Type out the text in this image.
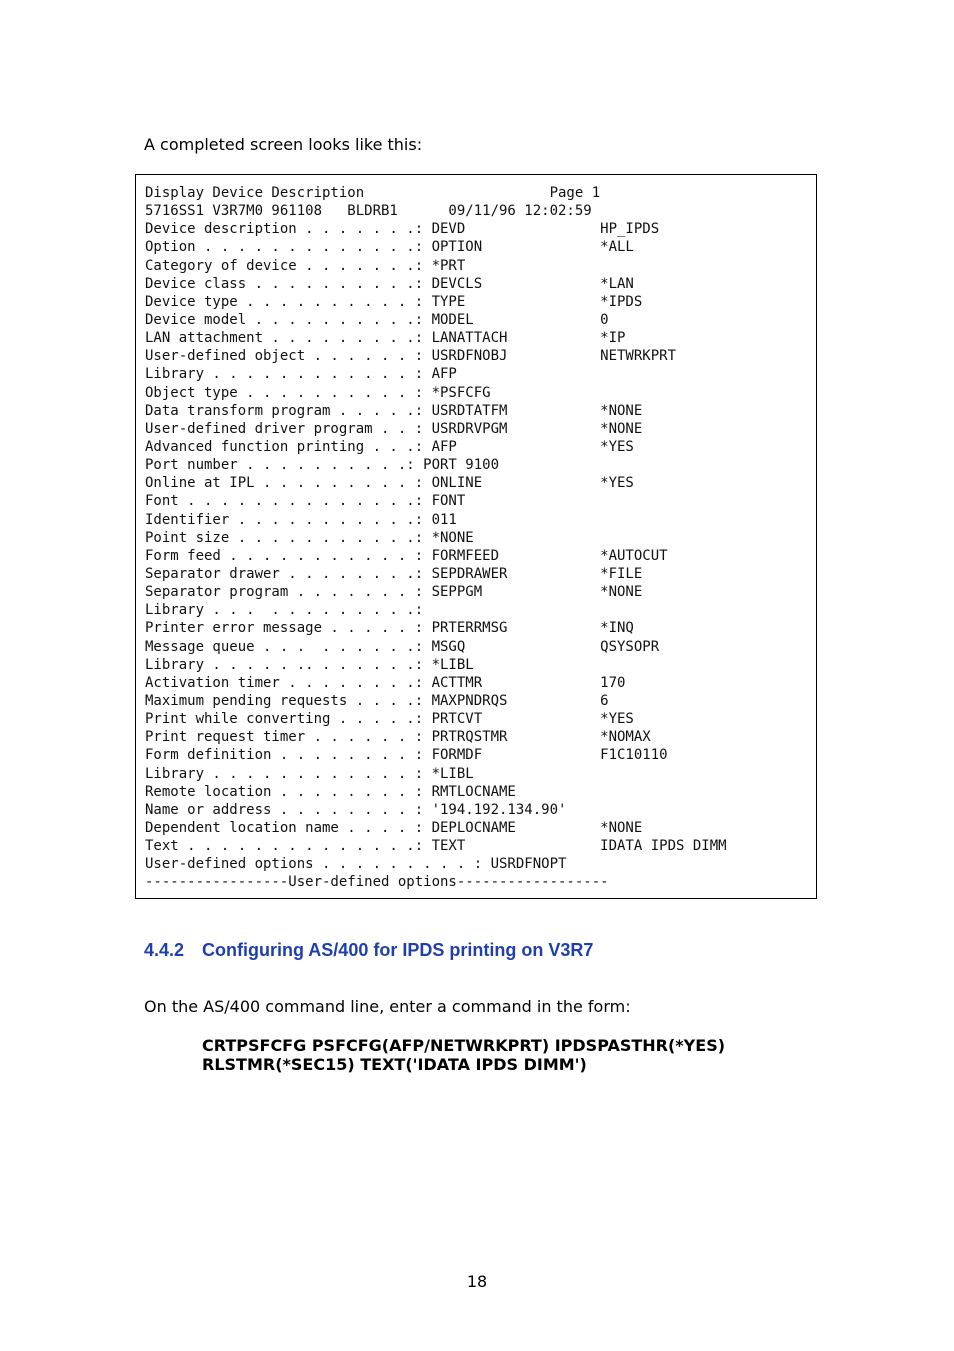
A completed screen looks like this:
Display Device Description                      Page 1
5716SS1 V3R7M0 961108   BLDRB1      09/11/96 12:02:59
Device description . . . . . . .: DEVD                HP_IPDS
Option . . . . . . . . . . . . .: OPTION              *ALL
Category of device . . . . . . .: *PRT
Device class . . . . . . . . . .: DEVCLS              *LAN
Device type . . . . . . . . . . : TYPE                *IPDS
Device model . . . . . . . . . .: MODEL               0
LAN attachment . . . . . . . . .: LANATTACH           *IP
User-defined object . . . . . . : USRDFNOBJ           NETWRKPRT
Library . . . . . . . . . . . . : AFP
Object type . . . . . . . . . . : *PSFCFG
Data transform program . . . . .: USRDTATFM           *NONE
User-defined driver program . . : USRDRVPGM           *NONE
Advanced function printing . . .: AFP                 *YES
Port number . . . . . . . . . .: PORT 9100
Online at IPL . . . . . . . . . : ONLINE              *YES
Font . . . . . . . . . . . . . .: FONT
Identifier . . . . . . . . . . .: 011
Point size . . . . . . . . . . .: *NONE
Form feed . . . . . . . . . . . : FORMFEED            *AUTOCUT
Separator drawer . . . . . . . .: SEPDRAWER           *FILE
Separator program . . . . . . . : SEPPGM              *NONE
Library . . .  . . . . . . . . .:
Printer error message . . . . . : PRTERRMSG           *INQ
Message queue . . .  . . . . . .: MSGQ                QSYSOPR
Library . . . . . .. . . . . . .: *LIBL
Activation timer . . . . . . . .: ACTTMR              170
Maximum pending requests . . . .: MAXPNDRQS           6
Print while converting . . . . .: PRTCVT              *YES
Print request timer . . . . . . : PRTRQSTMR           *NOMAX
Form definition . . . . . . . . : FORMDF              F1C10110
Library . . . . . . . . . . . . : *LIBL
Remote location . . . . . . . . : RMTLOCNAME
Name or address . . . . . . . . : '194.192.134.90'
Dependent location name . . . . : DEPLOCNAME          *NONE
Text . . . . . . . . . . . . . .: TEXT                IDATA IPDS DIMM
User-defined options . . . . . . . . . : USRDFNOPT
-----------------User-defined options------------------
4.4.2 Configuring AS/400 for IPDS printing on V3R7
On the AS/400 command line, enter a command in the form:
CRTPSFCFG PSFCFG(AFP/NETWRKPRT) IPDSPASTHR(*YES)
RLSTMR(*SEC15) TEXT('IDATA IPDS DIMM')
18
